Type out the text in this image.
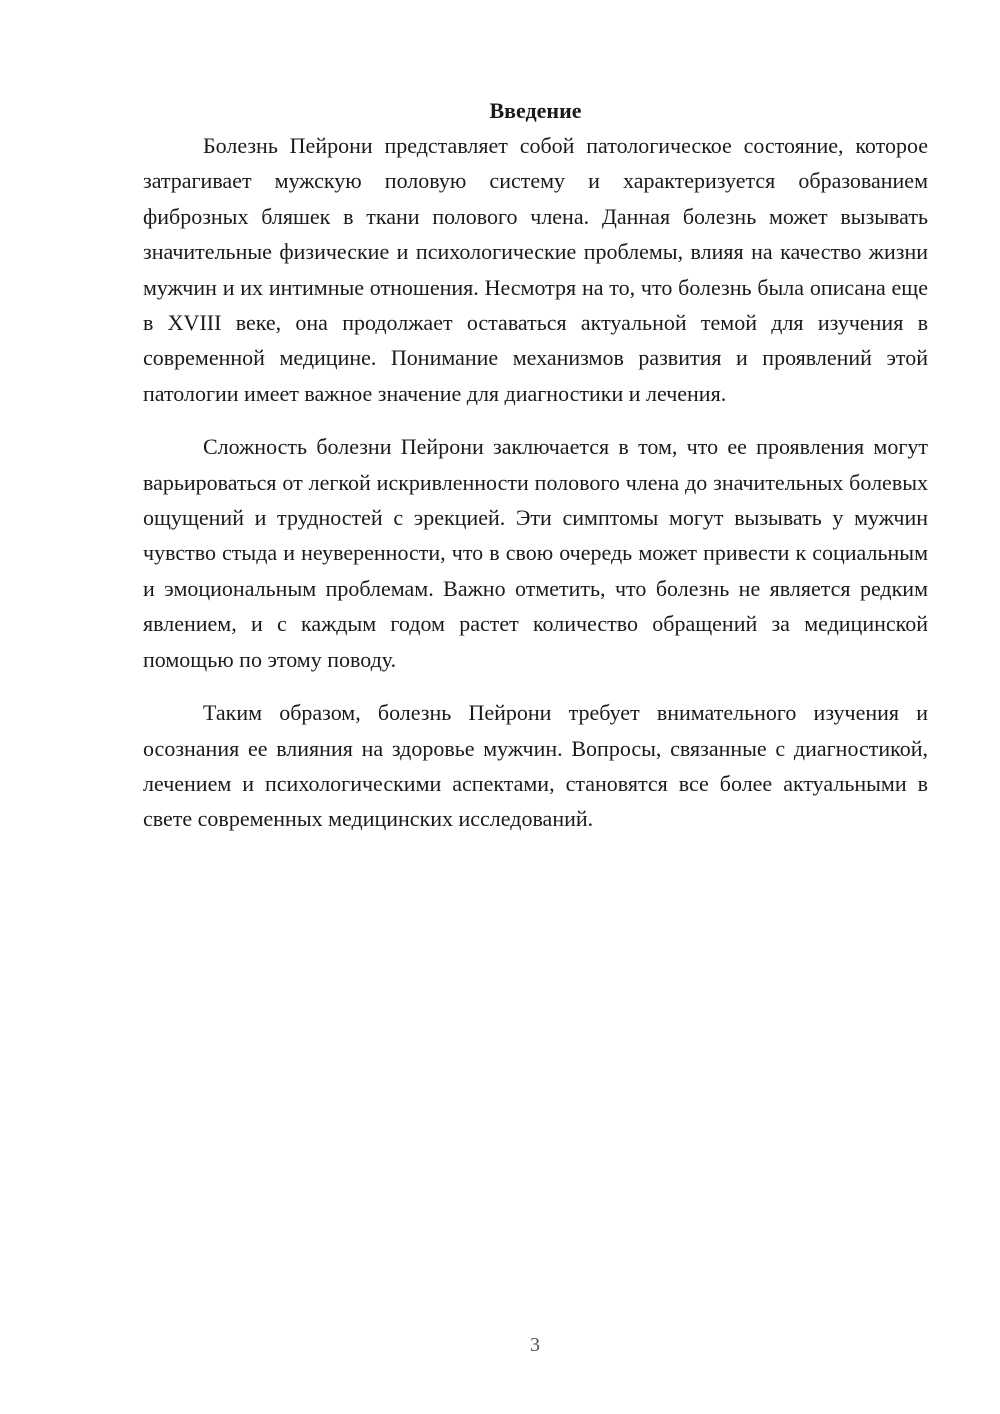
Введение

Болезнь Пейрони представляет собой патологическое состояние, которое затрагивает мужскую половую систему и характеризуется образованием фиброзных бляшек в ткани полового члена. Данная болезнь может вызывать значительные физические и психологические проблемы, влияя на качество жизни мужчин и их интимные отношения. Несмотря на то, что болезнь была описана еще в XVIII веке, она продолжает оставаться актуальной темой для изучения в современной медицине. Понимание механизмов развития и проявлений этой патологии имеет важное значение для диагностики и лечения.

Сложность болезни Пейрони заключается в том, что ее проявления могут варьироваться от легкой искривленности полового члена до значительных болевых ощущений и трудностей с эрекцией. Эти симптомы могут вызывать у мужчин чувство стыда и неуверенности, что в свою очередь может привести к социальным и эмоциональным проблемам. Важно отметить, что болезнь не является редким явлением, и с каждым годом растет количество обращений за медицинской помощью по этому поводу.

Таким образом, болезнь Пейрони требует внимательного изучения и осознания ее влияния на здоровье мужчин. Вопросы, связанные с диагностикой, лечением и психологическими аспектами, становятся все более актуальными в свете современных медицинских исследований.

3
